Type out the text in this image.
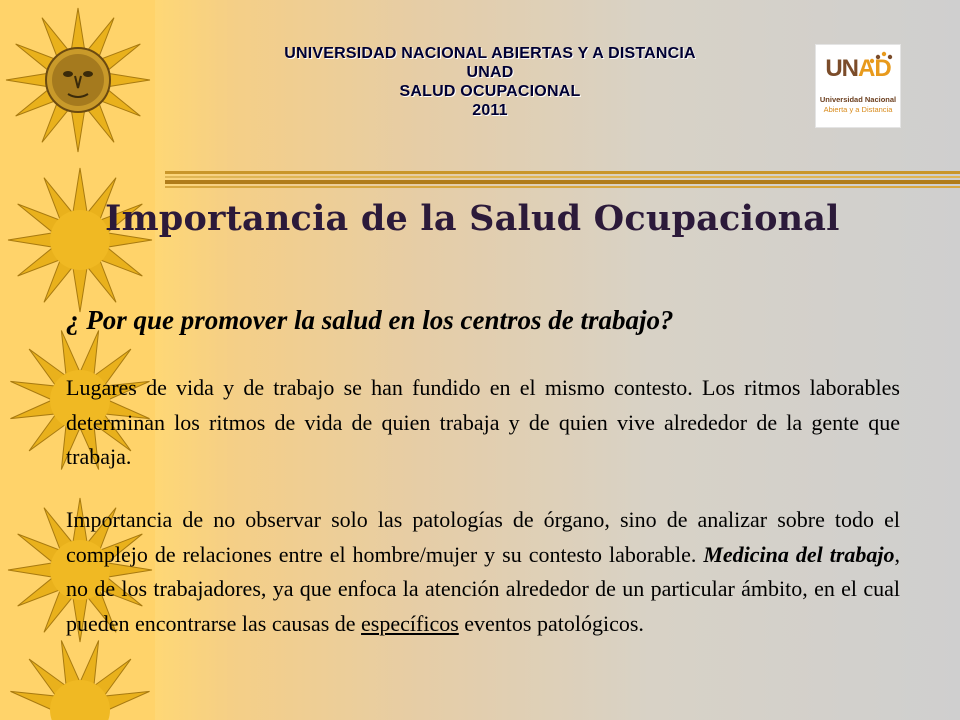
UNIVERSIDAD NACIONAL ABIERTAS Y A DISTANCIA
UNAD
SALUD OCUPACIONAL
2011
UNAD
Universidad Nacional
Abierta y a Distancia
Importancia de la Salud Ocupacional
¿ Por que promover la salud en los centros de trabajo?
Lugares de vida y de trabajo se han fundido en el mismo contesto. Los ritmos laborables determinan los ritmos de vida de quien trabaja y de quien vive alrededor de la gente que trabaja.
Importancia de no observar solo las patologías de órgano, sino de analizar sobre todo el complejo de relaciones entre el hombre/mujer y su contesto laborable. Medicina del trabajo, no de los trabajadores, ya que enfoca la atención alrededor de un particular ámbito, en el cual pueden encontrarse las causas de específicos eventos patológicos.
